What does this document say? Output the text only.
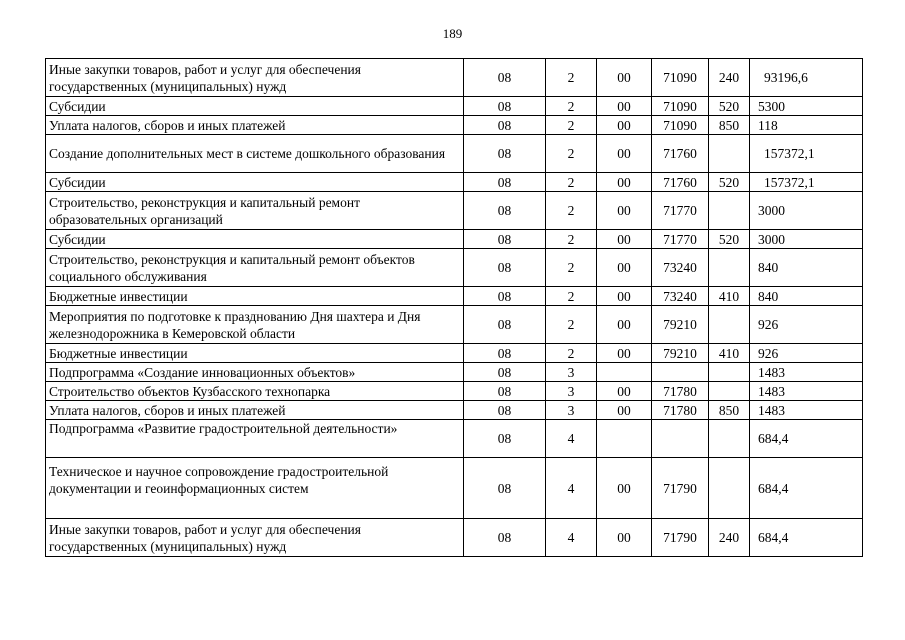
189
Иные закупки товаров, работ и услуг для обеспечения государственных (муниципальных) нужд	08	2	00	71090	240	93196,6
Субсидии	08	2	00	71090	520	5300
Уплата налогов, сборов и иных платежей	08	2	00	71090	850	118
Создание дополнительных мест в системе дошкольного образования	08	2	00	71760		157372,1
Субсидии	08	2	00	71760	520	157372,1
Строительство, реконструкция и капитальный ремонт образовательных организаций	08	2	00	71770		3000
Субсидии	08	2	00	71770	520	3000
Строительство, реконструкция и капитальный ремонт объектов социального обслуживания	08	2	00	73240		840
Бюджетные инвестиции	08	2	00	73240	410	840
Мероприятия по подготовке к празднованию Дня шахтера и Дня железнодорожника в Кемеровской области	08	2	00	79210		926
Бюджетные инвестиции	08	2	00	79210	410	926
Подпрограмма «Создание инновационных объектов»	08	3				1483
Строительство объектов Кузбасского технопарка	08	3	00	71780		1483
Уплата налогов, сборов и иных платежей	08	3	00	71780	850	1483
Подпрограмма «Развитие градостроительной деятельности»	08	4				684,4
Техническое и научное сопровождение градостроительной документации и геоинформационных систем	08	4	00	71790		684,4
Иные закупки товаров, работ и услуг для обеспечения государственных (муниципальных) нужд	08	4	00	71790	240	684,4
